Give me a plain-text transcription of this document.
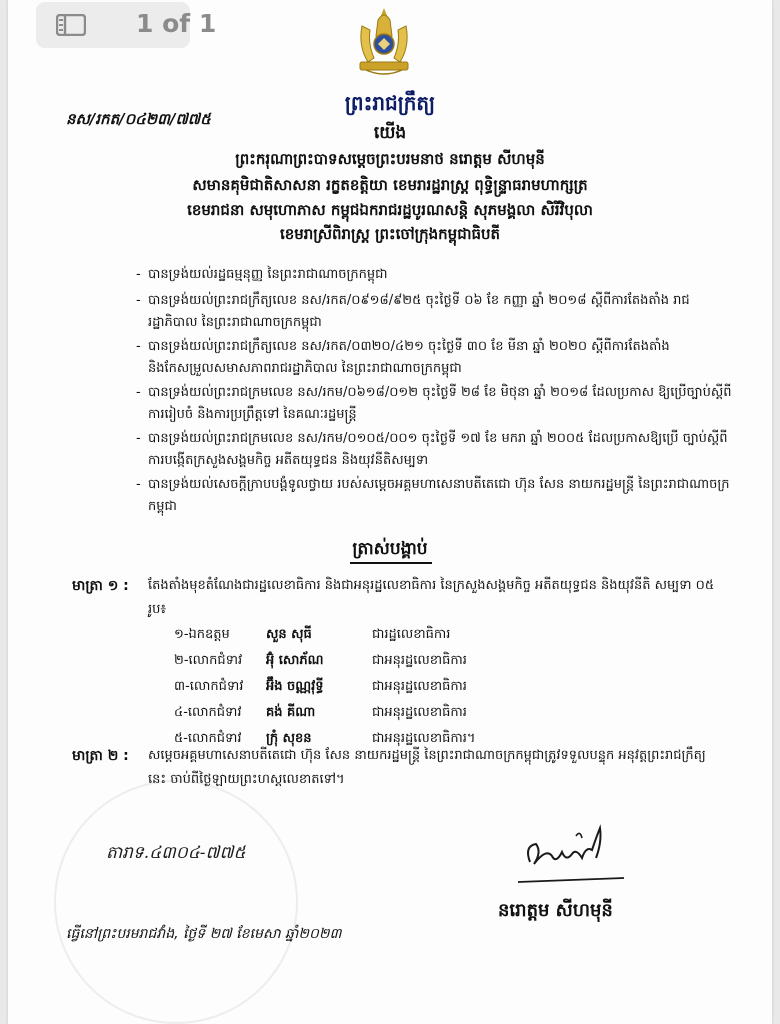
1 of 1
នស/រកត/០៤២៣/៧៧៥
ព្រះរាជក្រឹត្យ
យើង
ព្រះករុណាព្រះបាទសម្តេចព្រះបរមនាថ នរោត្តម សីហមុនី
សមានគុមិជាតិសាសនា រក្ខតខត្តិយា ខេមរារដ្ឋរាស្ត្រ ពុទ្ធិន្ទ្រាធរាមហាក្សត្រ
ខេមរាជនា សមុហោភាស កម្ពុជឯករាជរដ្ឋបូរណសន្តិ សុភមង្គលា សិរីវិបុលា
ខេមរាស្រីពិរាស្ត្រ ព្រះចៅក្រុងកម្ពុជាធិបតី
- បានទ្រង់យល់រដ្ឋធម្មនុញ្ញ នៃព្រះរាជាណាចក្រកម្ពុជា
- បានទ្រង់យល់ព្រះរាជក្រឹត្យលេខ នស/រកត/០៩១៨/៩២៥ ចុះថ្ងៃទី ០៦ ខែ កញ្ញា ឆ្នាំ ២០១៨ ស្តីពីការតែងតាំង រាជរដ្ឋាភិបាល នៃព្រះរាជាណាចក្រកម្ពុជា
- បានទ្រង់យល់ព្រះរាជក្រឹត្យលេខ នស/រកត/០៣២០/៤២១ ចុះថ្ងៃទី ៣០ ខែ មីនា ឆ្នាំ ២០២០ ស្តីពីការតែងតាំង និងកែសម្រួលសមាសភាពរាជរដ្ឋាភិបាល នៃព្រះរាជាណាចក្រកម្ពុជា
- បានទ្រង់យល់ព្រះរាជក្រមលេខ នស/រកម/០៦១៨/០១២ ចុះថ្ងៃទី ២៨ ខែ មិថុនា ឆ្នាំ ២០១៨ ដែលប្រកាស ឱ្យប្រើច្បាប់ស្តីពីការរៀបចំ និងការប្រព្រឹត្តទៅ នៃគណៈរដ្ឋមន្ត្រី
- បានទ្រង់យល់ព្រះរាជក្រមលេខ នស/រកម/០១០៥/០០១ ចុះថ្ងៃទី ១៧ ខែ មករា ឆ្នាំ ២០០៥ ដែលប្រកាសឱ្យប្រើ ច្បាប់ស្តីពីការបង្កើតក្រសួងសង្គមកិច្ច អតីតយុទ្ធជន និងយុវនីតិសម្បទា
- បានទ្រង់យល់សេចក្តីក្រាបបង្គំទូលថ្វាយ របស់សម្តេចអគ្គមហាសេនាបតីតេជោ ហ៊ុន សែន នាយករដ្ឋមន្ត្រី នៃព្រះរាជាណាចក្រកម្ពុជា
ត្រាស់បង្គាប់
មាត្រា ១ : តែងតាំងមុខតំណែងជារដ្ឋលេខាធិការ និងជាអនុរដ្ឋលេខាធិការ នៃក្រសួងសង្គមកិច្ច អតីតយុទ្ធជន និងយុវនីតិ សម្បទា ០៥ រូប៖
១-ឯកឧត្តម	សួន សុធី	ជារដ្ឋលេខាធិការ
២-លោកជំទាវ អ៊ុំ សោភ័ណ	ជាអនុរដ្ឋលេខាធិការ
៣-លោកជំទាវ អ៊ឹង ចណ្ណវុទ្ធី	ជាអនុរដ្ឋលេខាធិការ
៤-លោកជំទាវ គង់ គីណា	ជាអនុរដ្ឋលេខាធិការ
៥-លោកជំទាវ ក្រុំ សុខន	ជាអនុរដ្ឋលេខាធិការ។
មាត្រា ២ : សម្តេចអគ្គមហាសេនាបតីតេជោ ហ៊ុន សែន នាយករដ្ឋមន្ត្រី នៃព្រះរាជាណាចក្រកម្ពុជាត្រូវទទួលបន្ទុក អនុវត្តព្រះរាជក្រឹត្យនេះ ចាប់ពីថ្ងៃឡាយព្រះហស្តលេខាតទៅ។
តារាទ.៤៣០៤-៧៧៥
នរោត្តម សីហមុនី
ធ្វើនៅព្រះបរមរាជវាំង, ថ្ងៃទី ២៧ ខែមេសា ឆ្នាំ២០២៣
